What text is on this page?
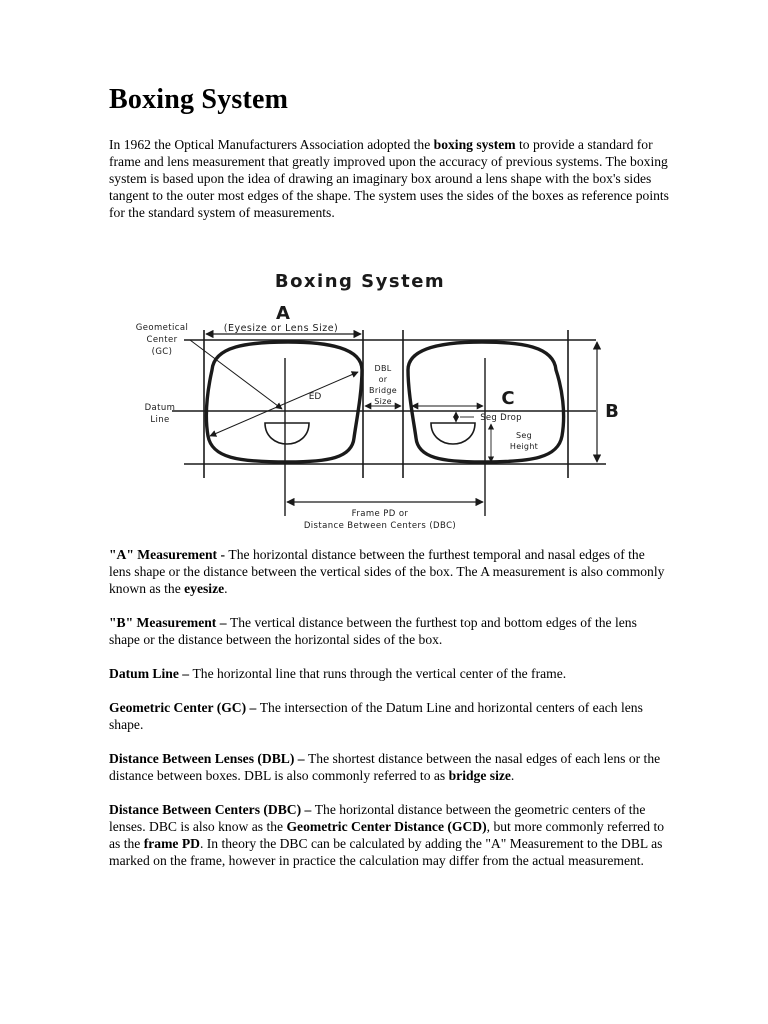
Boxing System

In 1962 the Optical Manufacturers Association adopted the boxing system to provide a standard for frame and lens measurement that greatly improved upon the accuracy of previous systems. The boxing system is based upon the idea of drawing an imaginary box around a lens shape with the box's sides tangent to the outer most edges of the shape. The system uses the sides of the boxes as reference points for the standard system of measurements.

Boxing System
A
(Eyesize or Lens Size)
Geometical
Center
(GC)
Datum
Line
ED
DBL
or
Bridge
Size	C
B
Seg Drop
Seg
Height
Frame PD or
Distance Between Centers (DBC)

"A" Measurement - The horizontal distance between the furthest temporal and nasal edges of the lens shape or the distance between the vertical sides of the box. The A measurement is also commonly known as the eyesize.

"B" Measurement – The vertical distance between the furthest top and bottom edges of the lens shape or the distance between the horizontal sides of the box.

Datum Line – The horizontal line that runs through the vertical center of the frame.

Geometric Center (GC) – The intersection of the Datum Line and horizontal centers of each lens shape.

Distance Between Lenses (DBL) – The shortest distance between the nasal edges of each lens or the distance between boxes. DBL is also commonly referred to as bridge size.

Distance Between Centers (DBC) – The horizontal distance between the geometric centers of the lenses. DBC is also know as the Geometric Center Distance (GCD), but more commonly referred to as the frame PD. In theory the DBC can be calculated by adding the "A" Measurement to the DBL as marked on the frame, however in practice the calculation may differ from the actual measurement.
